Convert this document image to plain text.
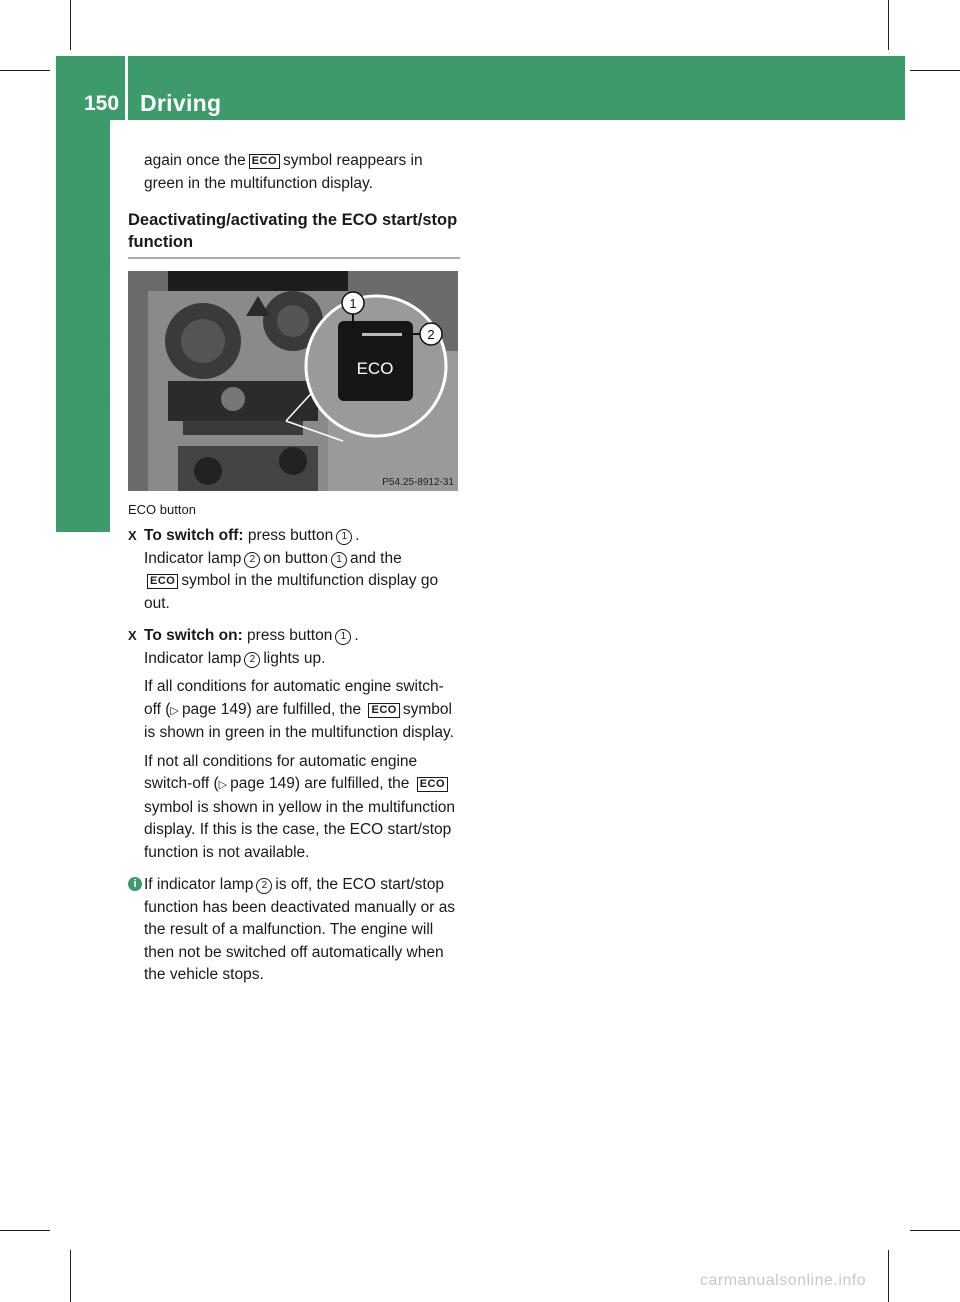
150 Driving
Driving and parking

again once the ECO symbol reappears in green in the multifunction display.

Deactivating/activating the ECO start/stop function
1
2
ECO
P54.25-8912-31
ECO button
X To switch off: press button 1 .

Indicator lamp 2 on button 1 and the

ECO symbol in the multifunction display go out.

X To switch on: press button 1 .

Indicator lamp 2 lights up.

If all conditions for automatic engine switch-off (▷ page 149) are fulfilled, the ECO symbol is shown in green in the multifunction display.

If not all conditions for automatic engine switch-off (▷ page 149) are fulfilled, the ECOsymbol is shown in yellow in the multifunction display. If this is the case, the ECO start/stop function is not available.

i If indicator lamp 2 is off, the ECO start/stop function has been deactivated manually or as the result of a malfunction. The engine will then not be switched off automatically when the vehicle stops.

carmanualsonline.info
